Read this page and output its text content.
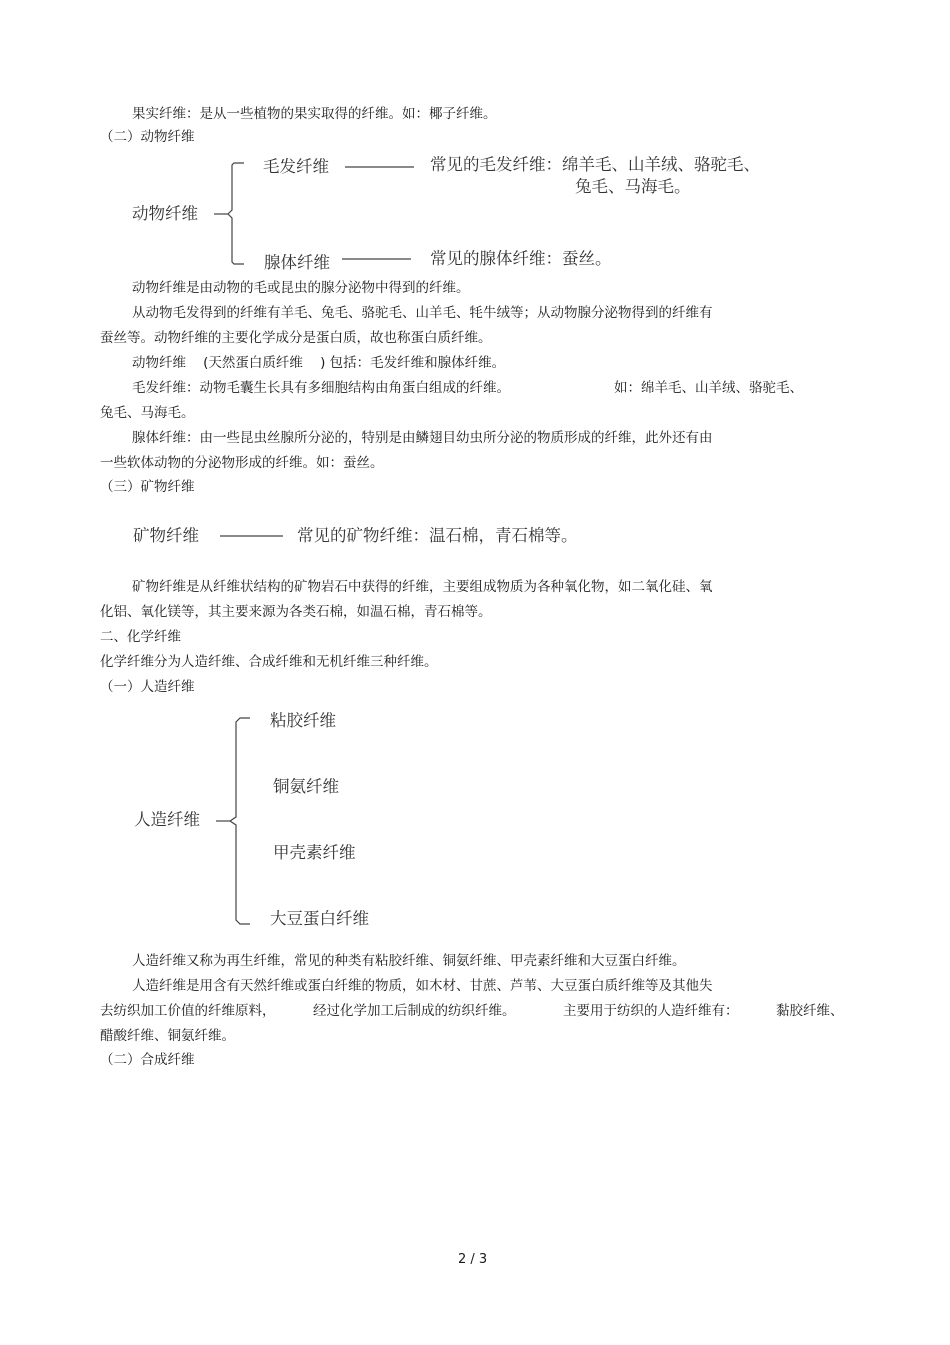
果实纤维：是从一些植物的果实取得的纤维。如：椰子纤维。
（二）动物纤维
动物纤维
毛发纤维	常见的毛发纤维：绵羊毛、山羊绒、骆驼毛、
兔毛、马海毛。
腺体纤维	常见的腺体纤维：蚕丝。
动物纤维是由动物的毛或昆虫的腺分泌物中得到的纤维。
从动物毛发得到的纤维有羊毛、兔毛、骆驼毛、山羊毛、牦牛绒等；从动物腺分泌物得到的纤维有
蚕丝等。动物纤维的主要化学成分是蛋白质，故也称蛋白质纤维。
动物纤维    (天然蛋白质纤维    ) 包括：毛发纤维和腺体纤维。
毛发纤维：动物毛囊生长具有多细胞结构由角蛋白组成的纤维。	如：绵羊毛、山羊绒、骆驼毛、
兔毛、马海毛。
腺体纤维：由一些昆虫丝腺所分泌的，特别是由鳞翅目幼虫所分泌的物质形成的纤维，此外还有由
一些软体动物的分泌物形成的纤维。如：蚕丝。
（三）矿物纤维
矿物纤维	常见的矿物纤维：温石棉，青石棉等。
矿物纤维是从纤维状结构的矿物岩石中获得的纤维，主要组成物质为各种氧化物，如二氧化硅、氧
化铝、氧化镁等，其主要来源为各类石棉，如温石棉，青石棉等。
二、化学纤维
化学纤维分为人造纤维、合成纤维和无机纤维三种纤维。
（一）人造纤维
人造纤维
粘胶纤维
铜氨纤维
甲壳素纤维
大豆蛋白纤维
人造纤维又称为再生纤维，常见的种类有粘胶纤维、铜氨纤维、甲壳素纤维和大豆蛋白纤维。
人造纤维是用含有天然纤维或蛋白纤维的物质，如木材、甘蔗、芦苇、大豆蛋白质纤维等及其他失
去纺织加工价值的纤维原料，	经过化学加工后制成的纺织纤维。	主要用于纺织的人造纤维有：	黏胶纤维、
醋酸纤维、铜氨纤维。
（二）合成纤维
2 / 3
